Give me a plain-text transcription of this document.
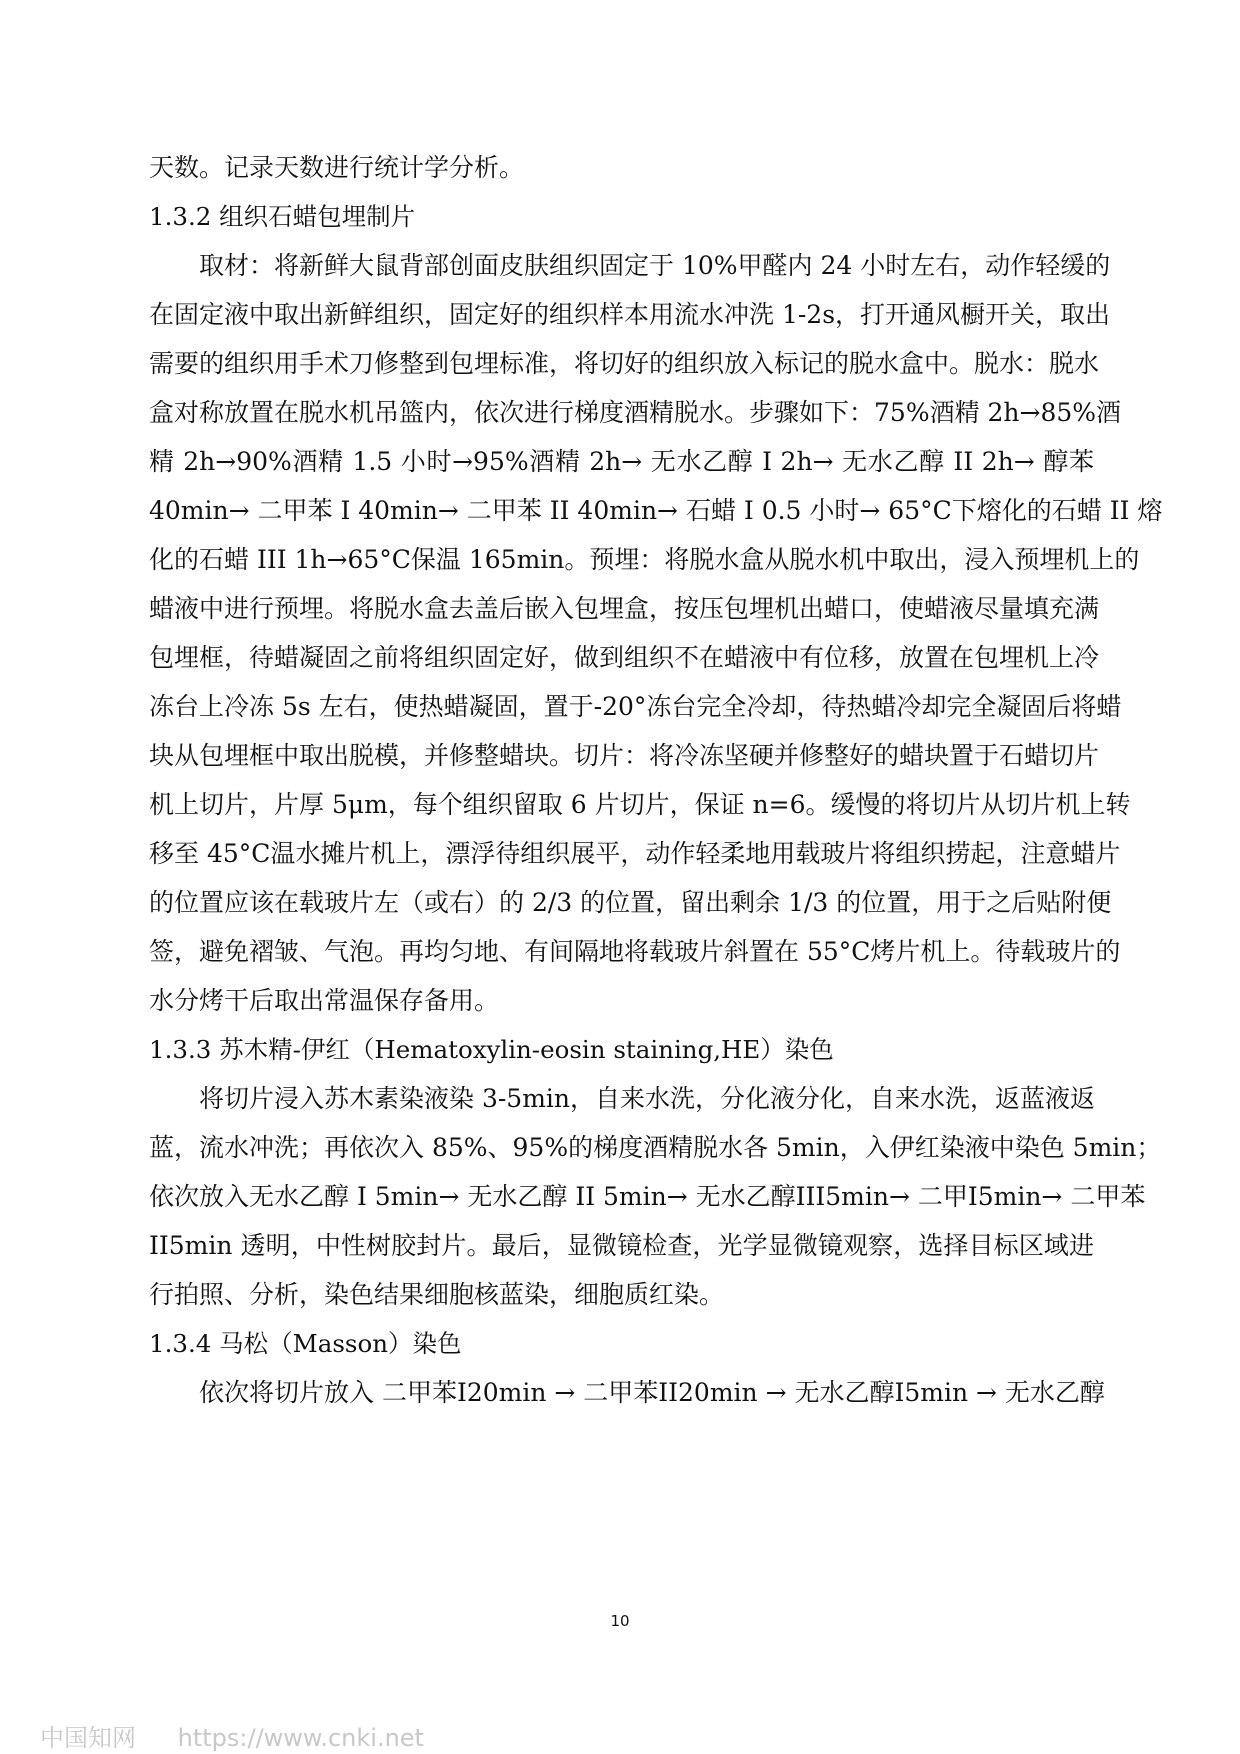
天数。记录天数进行统计学分析。
1.3.2 组织石蜡包埋制片
取材：将新鲜大鼠背部创面皮肤组织固定于 10%甲醛内 24 小时左右，动作轻缓的
在固定液中取出新鲜组织，固定好的组织样本用流水冲洗 1-2s，打开通风橱开关，取出
需要的组织用手术刀修整到包埋标准，将切好的组织放入标记的脱水盒中。脱水：脱水
盒对称放置在脱水机吊篮内，依次进行梯度酒精脱水。步骤如下：75%酒精 2h→85%酒
精 2h→90%酒精 1.5 小时→95%酒精 2h→ 无水乙醇 I 2h→ 无水乙醇 II 2h→ 醇苯
40min→ 二甲苯 I 40min→ 二甲苯 II 40min→ 石蜡 I 0.5 小时→ 65°C下熔化的石蜡 II 熔
化的石蜡 III 1h→65°C保温 165min。预埋：将脱水盒从脱水机中取出，浸入预埋机上的
蜡液中进行预埋。将脱水盒去盖后嵌入包埋盒，按压包埋机出蜡口，使蜡液尽量填充满
包埋框，待蜡凝固之前将组织固定好，做到组织不在蜡液中有位移，放置在包埋机上冷
冻台上冷冻 5s 左右，使热蜡凝固，置于-20°冻台完全冷却，待热蜡冷却完全凝固后将蜡
块从包埋框中取出脱模，并修整蜡块。切片：将冷冻坚硬并修整好的蜡块置于石蜡切片
机上切片，片厚 5μm，每个组织留取 6 片切片，保证 n=6。缓慢的将切片从切片机上转
移至 45°C温水摊片机上，漂浮待组织展平，动作轻柔地用载玻片将组织捞起，注意蜡片
的位置应该在载玻片左（或右）的 2/3 的位置，留出剩余 1/3 的位置，用于之后贴附便
签，避免褶皱、气泡。再均匀地、有间隔地将载玻片斜置在 55°C烤片机上。待载玻片的
水分烤干后取出常温保存备用。
1.3.3 苏木精-伊红（Hematoxylin-eosin staining,HE）染色
将切片浸入苏木素染液染 3-5min，自来水洗，分化液分化，自来水洗，返蓝液返
蓝，流水冲洗；再依次入 85%、95%的梯度酒精脱水各 5min，入伊红染液中染色 5min；
依次放入无水乙醇 I 5min→ 无水乙醇 II 5min→ 无水乙醇III5min→ 二甲I5min→ 二甲苯
II5min 透明，中性树胶封片。最后，显微镜检查，光学显微镜观察，选择目标区域进
行拍照、分析，染色结果细胞核蓝染，细胞质红染。
1.3.4 马松（Masson）染色
依次将切片放入 二甲苯I20min → 二甲苯II20min → 无水乙醇I5min → 无水乙醇
10
中国知网 https://www.cnki.net
